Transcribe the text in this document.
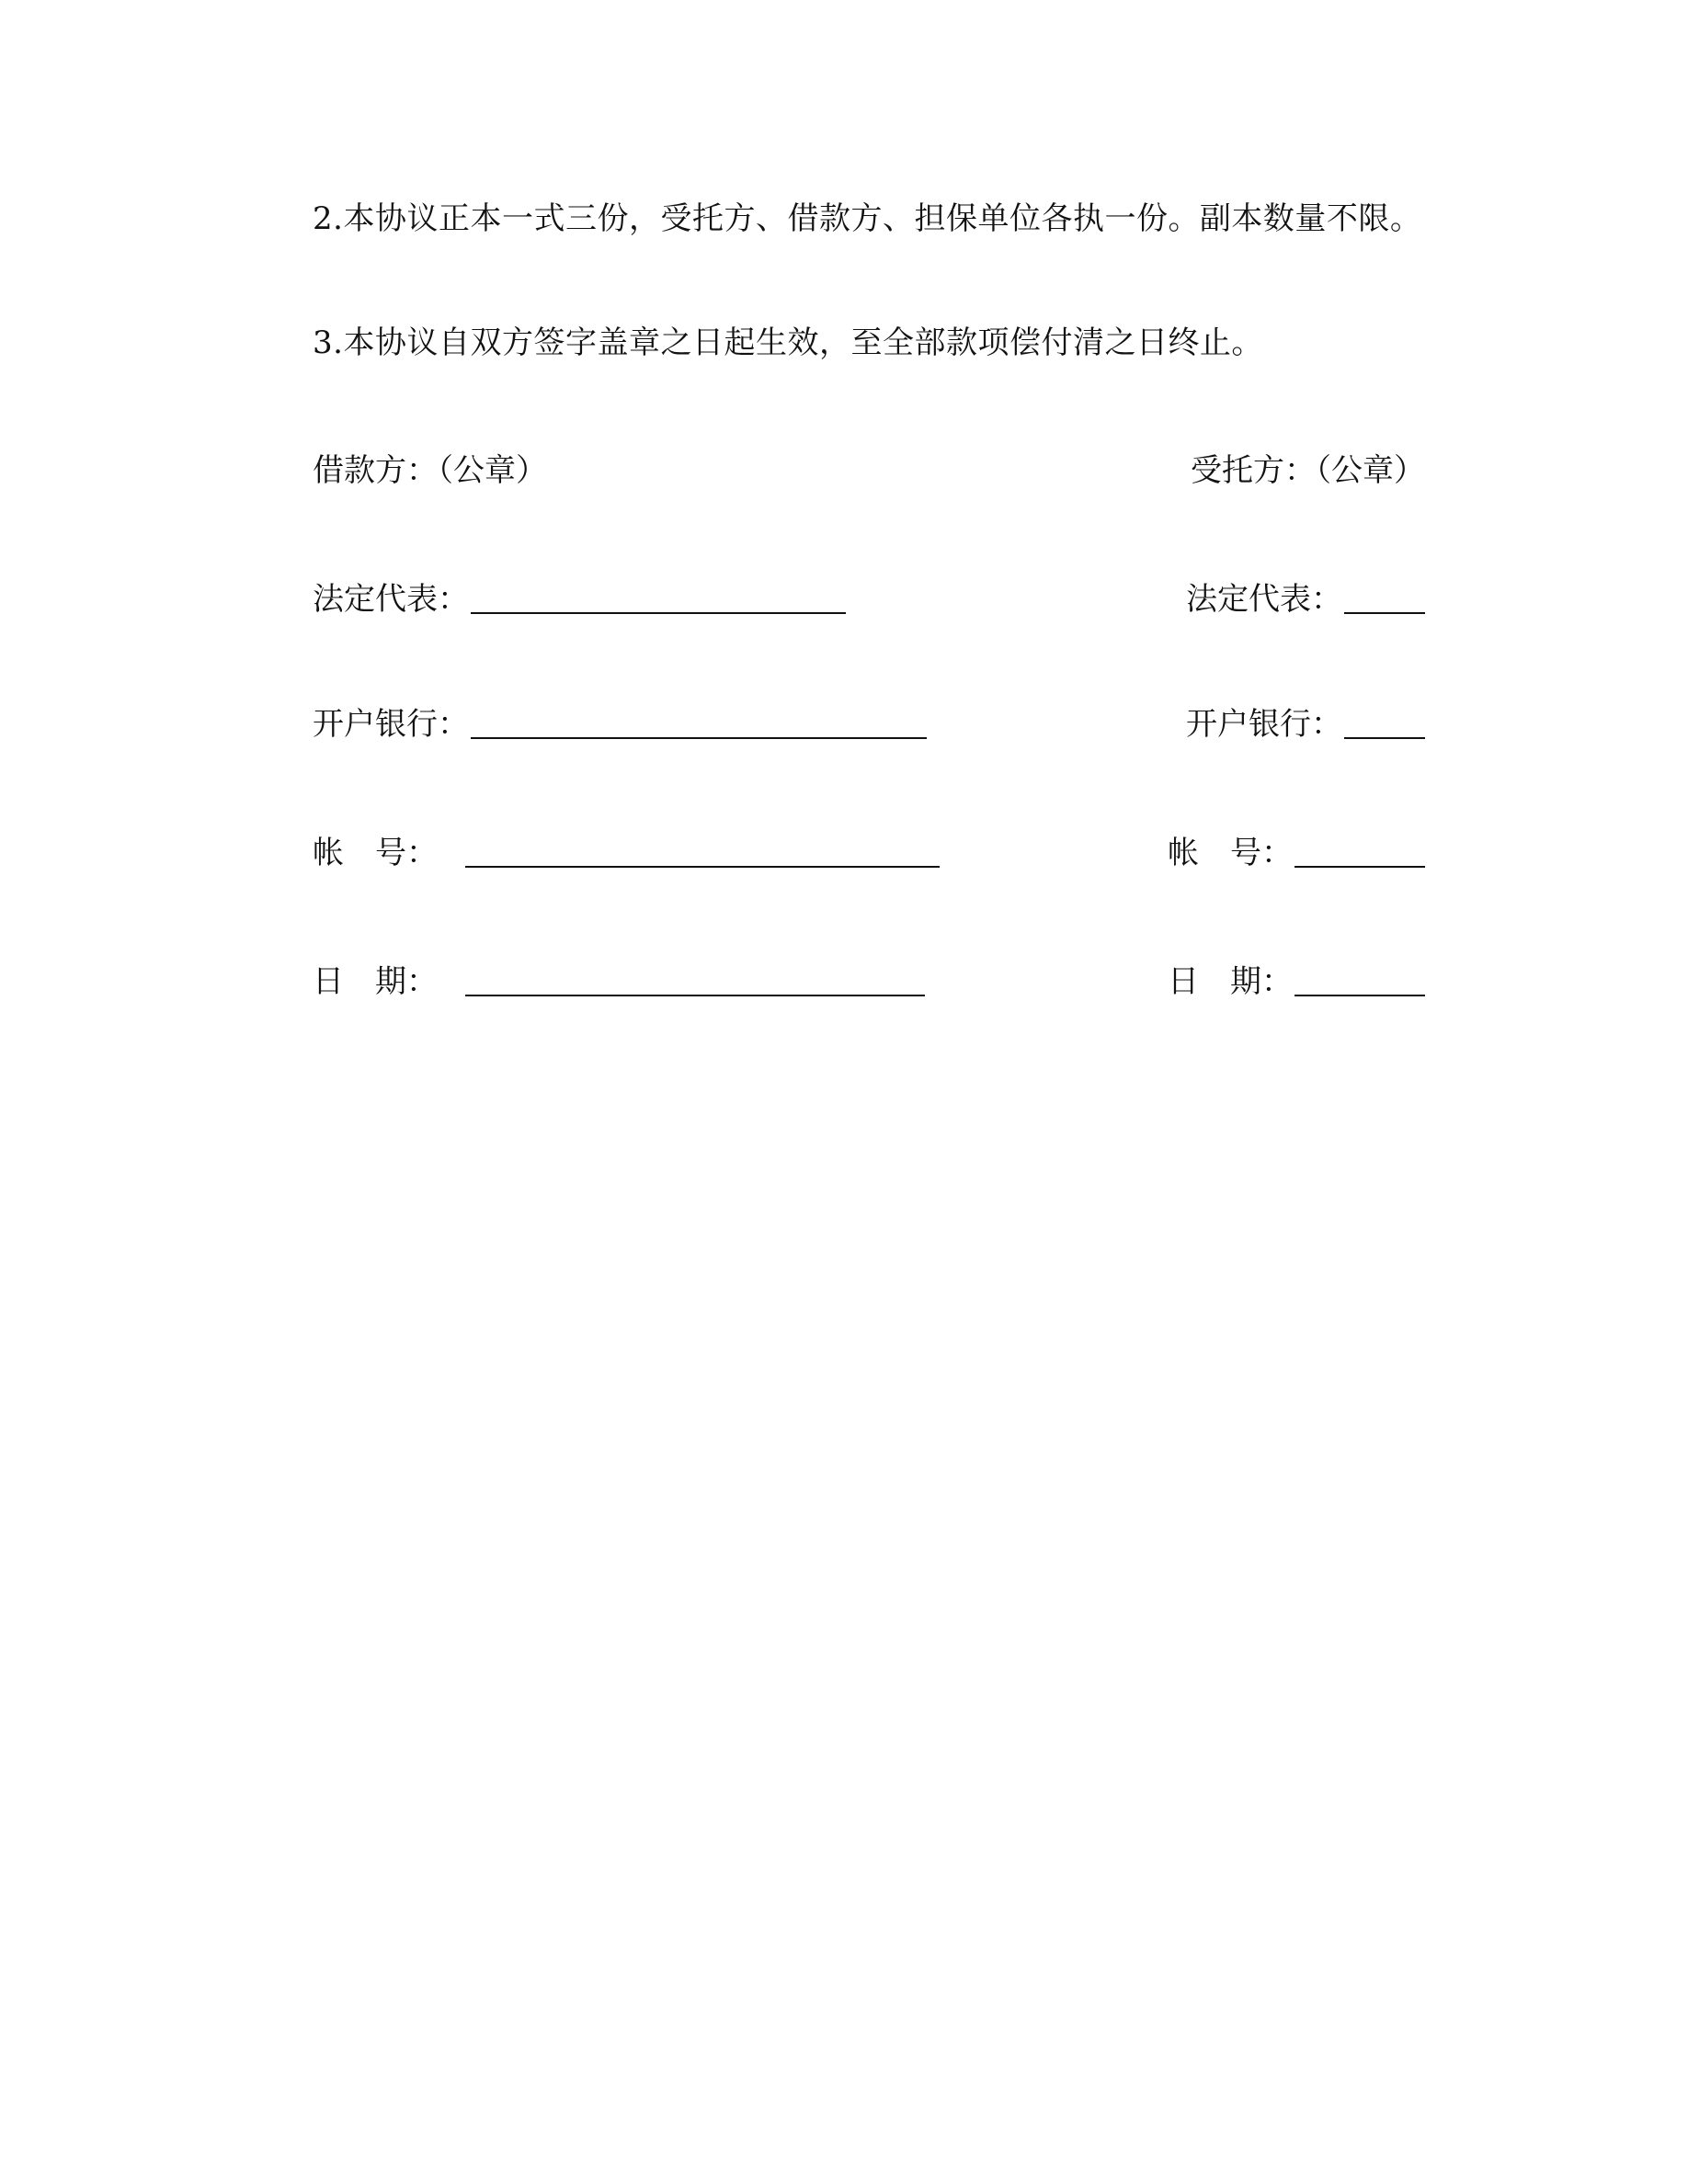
2.本协议正本一式三份，受托方、借款方、担保单位各执一份。副本数量不限。
3.本协议自双方签字盖章之日起生效，至全部款项偿付清之日终止。
借款方：（公章）	受托方：（公章）
法定代表：	法定代表：
开户银行：	开户银行：
帐　号：	帐　号：
日　期：	日　期：
